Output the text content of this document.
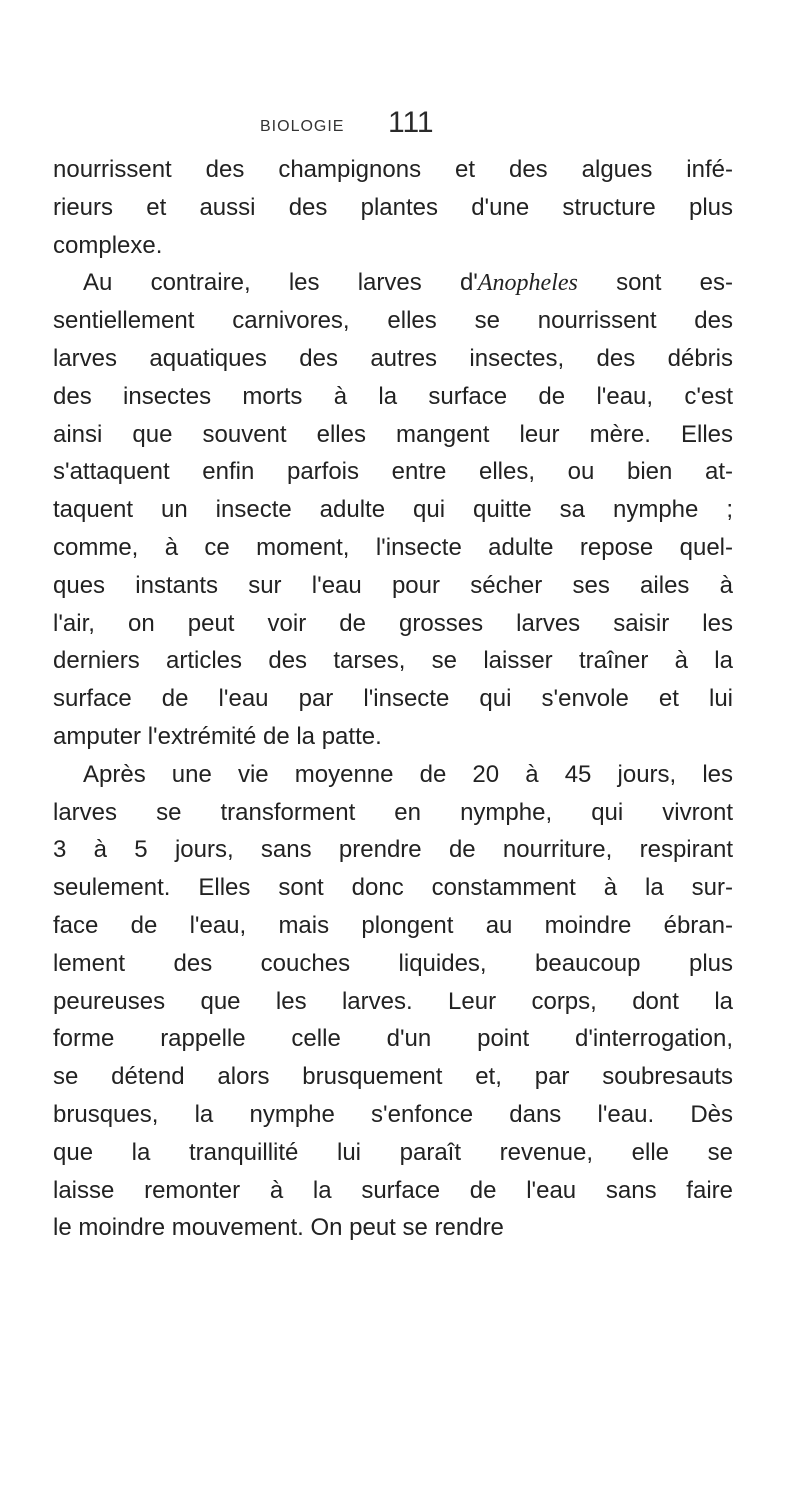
BIOLOGIE 111
nourrissent des champignons et des algues infé-
rieurs et aussi des plantes d'une structure plus
complexe.
Au contraire, les larves d'Anopheles sont es-
sentiellement carnivores, elles se nourrissent des
larves aquatiques des autres insectes, des débris
des insectes morts à la surface de l'eau, c'est
ainsi que souvent elles mangent leur mère. Elles
s'attaquent enfin parfois entre elles, ou bien at-
taquent un insecte adulte qui quitte sa nymphe ;
comme, à ce moment, l'insecte adulte repose quel-
ques instants sur l'eau pour sécher ses ailes à
l'air, on peut voir de grosses larves saisir les
derniers articles des tarses, se laisser traîner à la
surface de l'eau par l'insecte qui s'envole et lui
amputer l'extrémité de la patte.
Après une vie moyenne de 20 à 45 jours, les
larves se transforment en nymphe, qui vivront
3 à 5 jours, sans prendre de nourriture, respirant
seulement. Elles sont donc constamment à la sur-
face de l'eau, mais plongent au moindre ébran-
lement des couches liquides, beaucoup plus
peureuses que les larves. Leur corps, dont la
forme rappelle celle d'un point d'interrogation,
se détend alors brusquement et, par soubresauts
brusques, la nymphe s'enfonce dans l'eau. Dès
que la tranquillité lui paraît revenue, elle se
laisse remonter à la surface de l'eau sans faire
le moindre mouvement. On peut se rendre
